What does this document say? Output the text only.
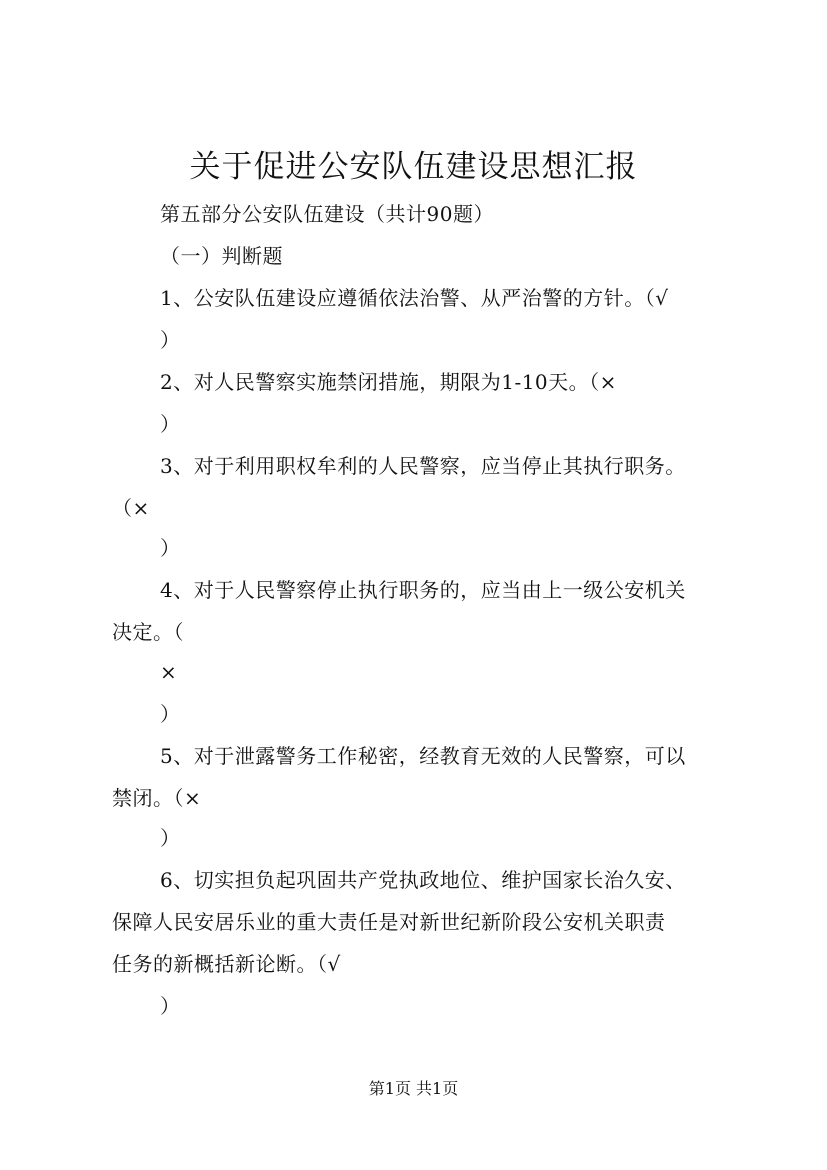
关于促进公安队伍建设思想汇报
第五部分公安队伍建设（共计90题）
（一）判断题
1、公安队伍建设应遵循依法治警、从严治警的方针。（√
）
2、对人民警察实施禁闭措施，期限为1-10天。（×
）
3、对于利用职权牟利的人民警察，应当停止其执行职务。
（×
）
4、对于人民警察停止执行职务的，应当由上一级公安机关
决定。（
×
）
5、对于泄露警务工作秘密，经教育无效的人民警察，可以
禁闭。（×
）
6、切实担负起巩固共产党执政地位、维护国家长治久安、
保障人民安居乐业的重大责任是对新世纪新阶段公安机关职责
任务的新概括新论断。（√
）
第1页 共1页
